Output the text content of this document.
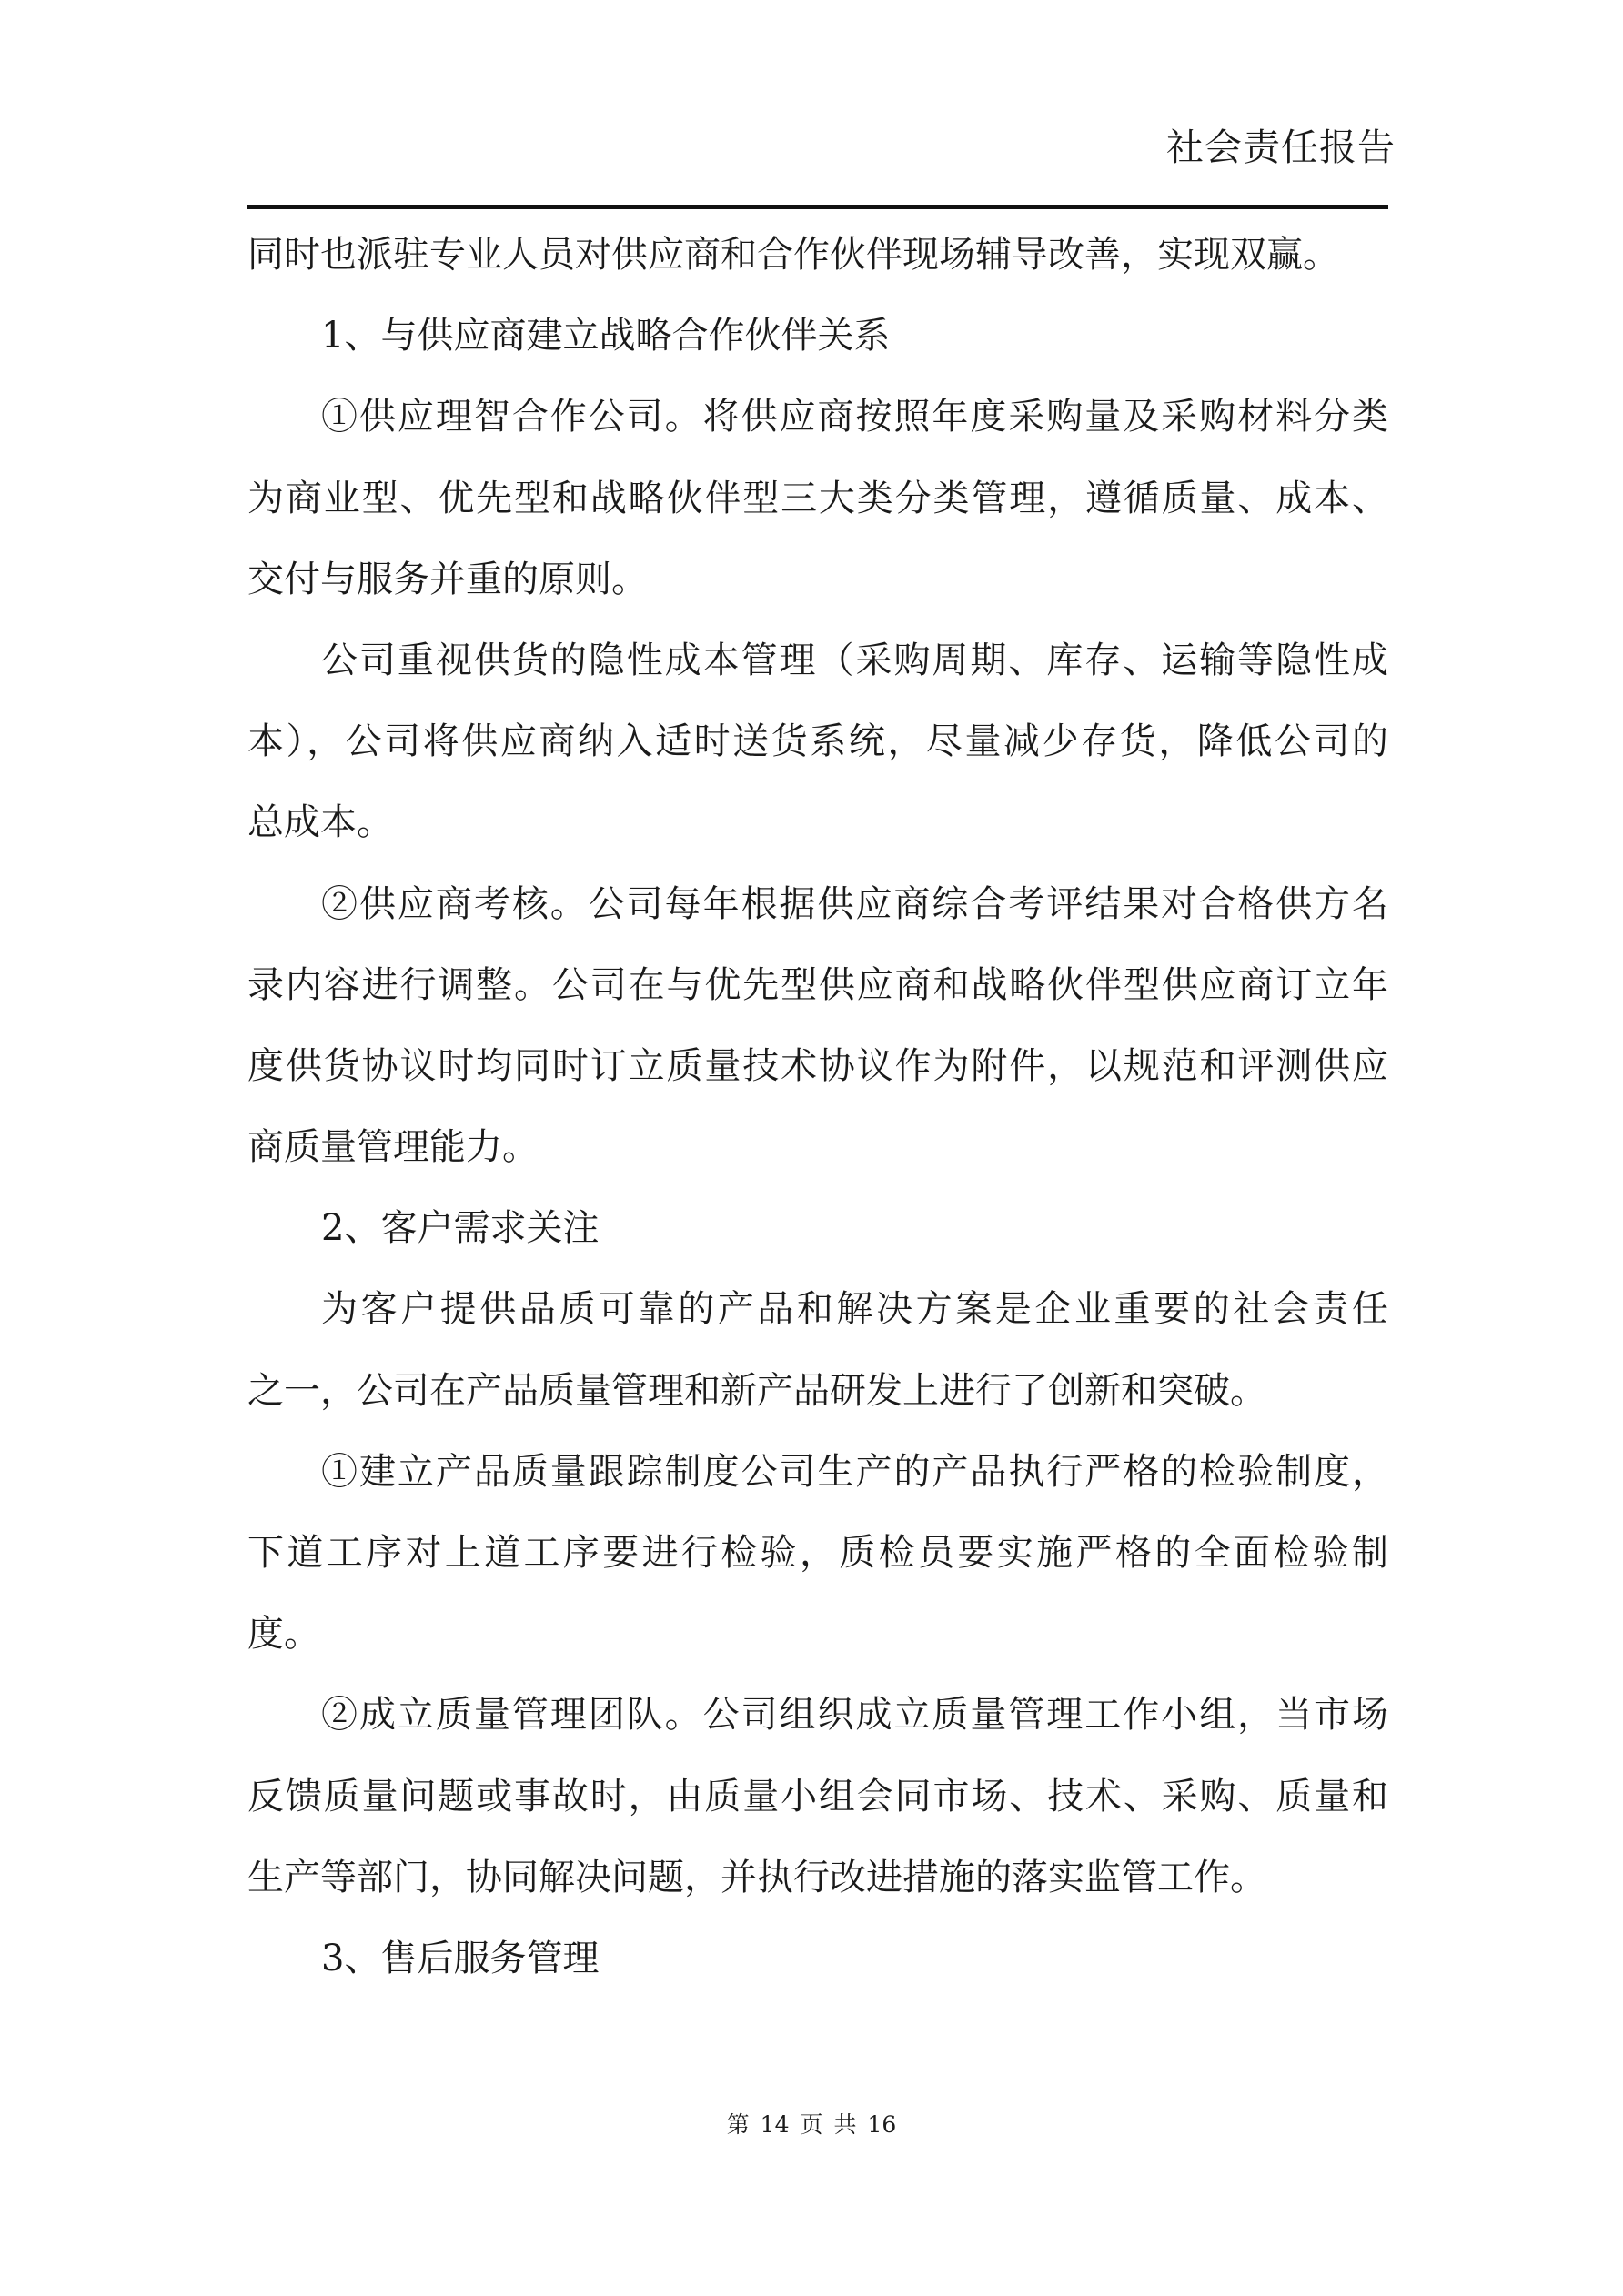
社会责任报告
同时也派驻专业人员对供应商和合作伙伴现场辅导改善，实现双赢。
1、与供应商建立战略合作伙伴关系
①供应理智合作公司。将供应商按照年度采购量及采购材料分类
为商业型、优先型和战略伙伴型三大类分类管理，遵循质量、成本、
交付与服务并重的原则。
公司重视供货的隐性成本管理（采购周期、库存、运输等隐性成
本），公司将供应商纳入适时送货系统，尽量减少存货，降低公司的
总成本。
②供应商考核。公司每年根据供应商综合考评结果对合格供方名
录内容进行调整。公司在与优先型供应商和战略伙伴型供应商订立年
度供货协议时均同时订立质量技术协议作为附件，以规范和评测供应
商质量管理能力。
2、客户需求关注
为客户提供品质可靠的产品和解决方案是企业重要的社会责任
之一，公司在产品质量管理和新产品研发上进行了创新和突破。
①建立产品质量跟踪制度公司生产的产品执行严格的检验制度，
下道工序对上道工序要进行检验，质检员要实施严格的全面检验制
度。
②成立质量管理团队。公司组织成立质量管理工作小组，当市场
反馈质量问题或事故时，由质量小组会同市场、技术、采购、质量和
生产等部门，协同解决问题，并执行改进措施的落实监管工作。
3、售后服务管理
第 14 页 共 16
